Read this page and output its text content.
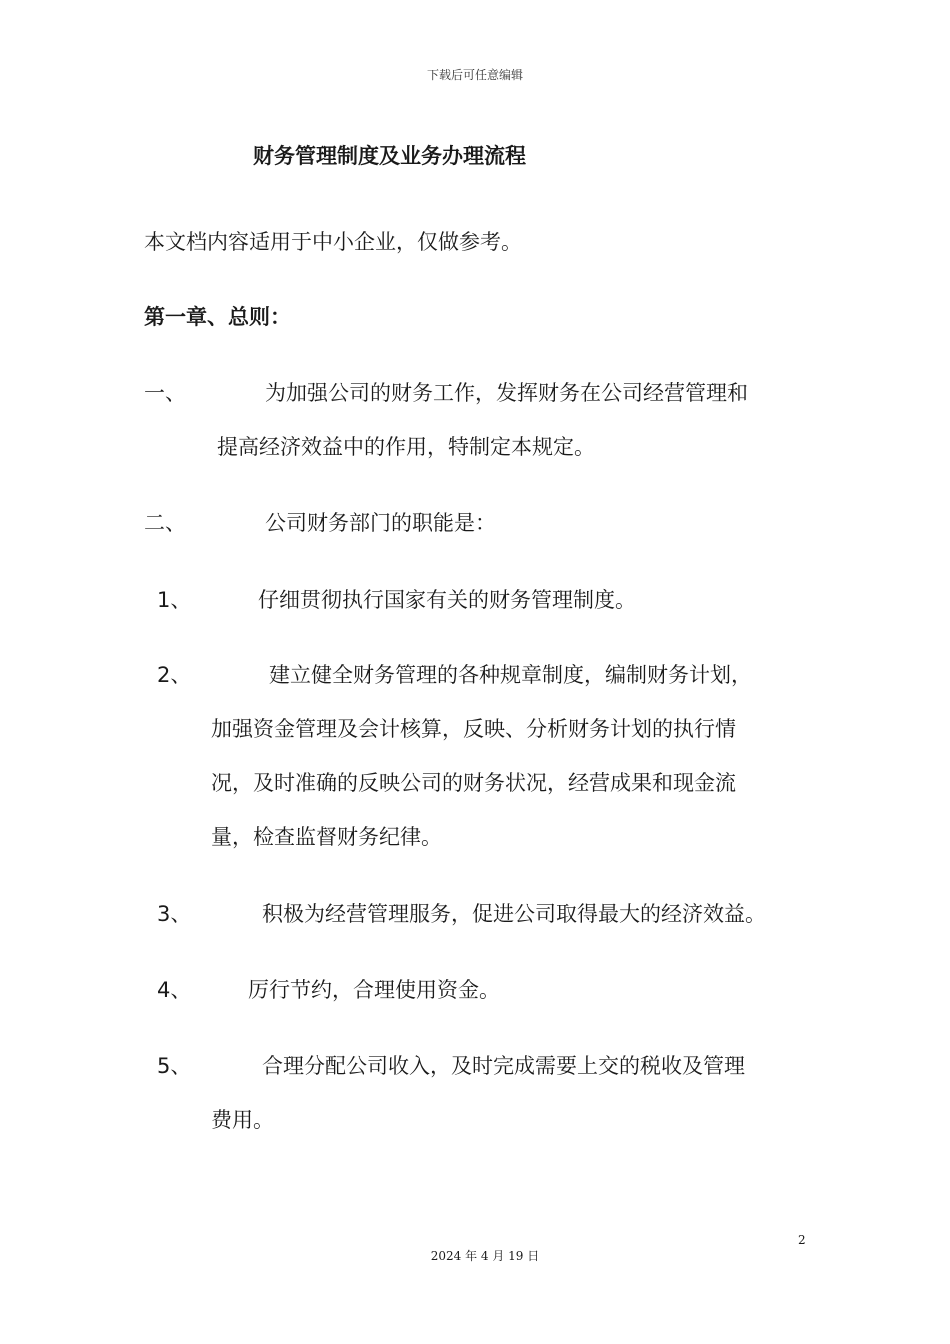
下载后可任意编辑
财务管理制度及业务办理流程
本文档内容适用于中小企业，仅做参考。
第一章、总则：
一、	为加强公司的财务工作，发挥财务在公司经营管理和
提高经济效益中的作用，特制定本规定。
二、	公司财务部门的职能是：
1、	仔细贯彻执行国家有关的财务管理制度。
2、	建立健全财务管理的各种规章制度，编制财务计划，
加强资金管理及会计核算，反映、分析财务计划的执行情
况，及时准确的反映公司的财务状况，经营成果和现金流
量，检查监督财务纪律。
3、	积极为经营管理服务，促进公司取得最大的经济效益。
4、	厉行节约，合理使用资金。
5、	合理分配公司收入，及时完成需要上交的税收及管理
费用。
2
2024 年 4 月 19 日
